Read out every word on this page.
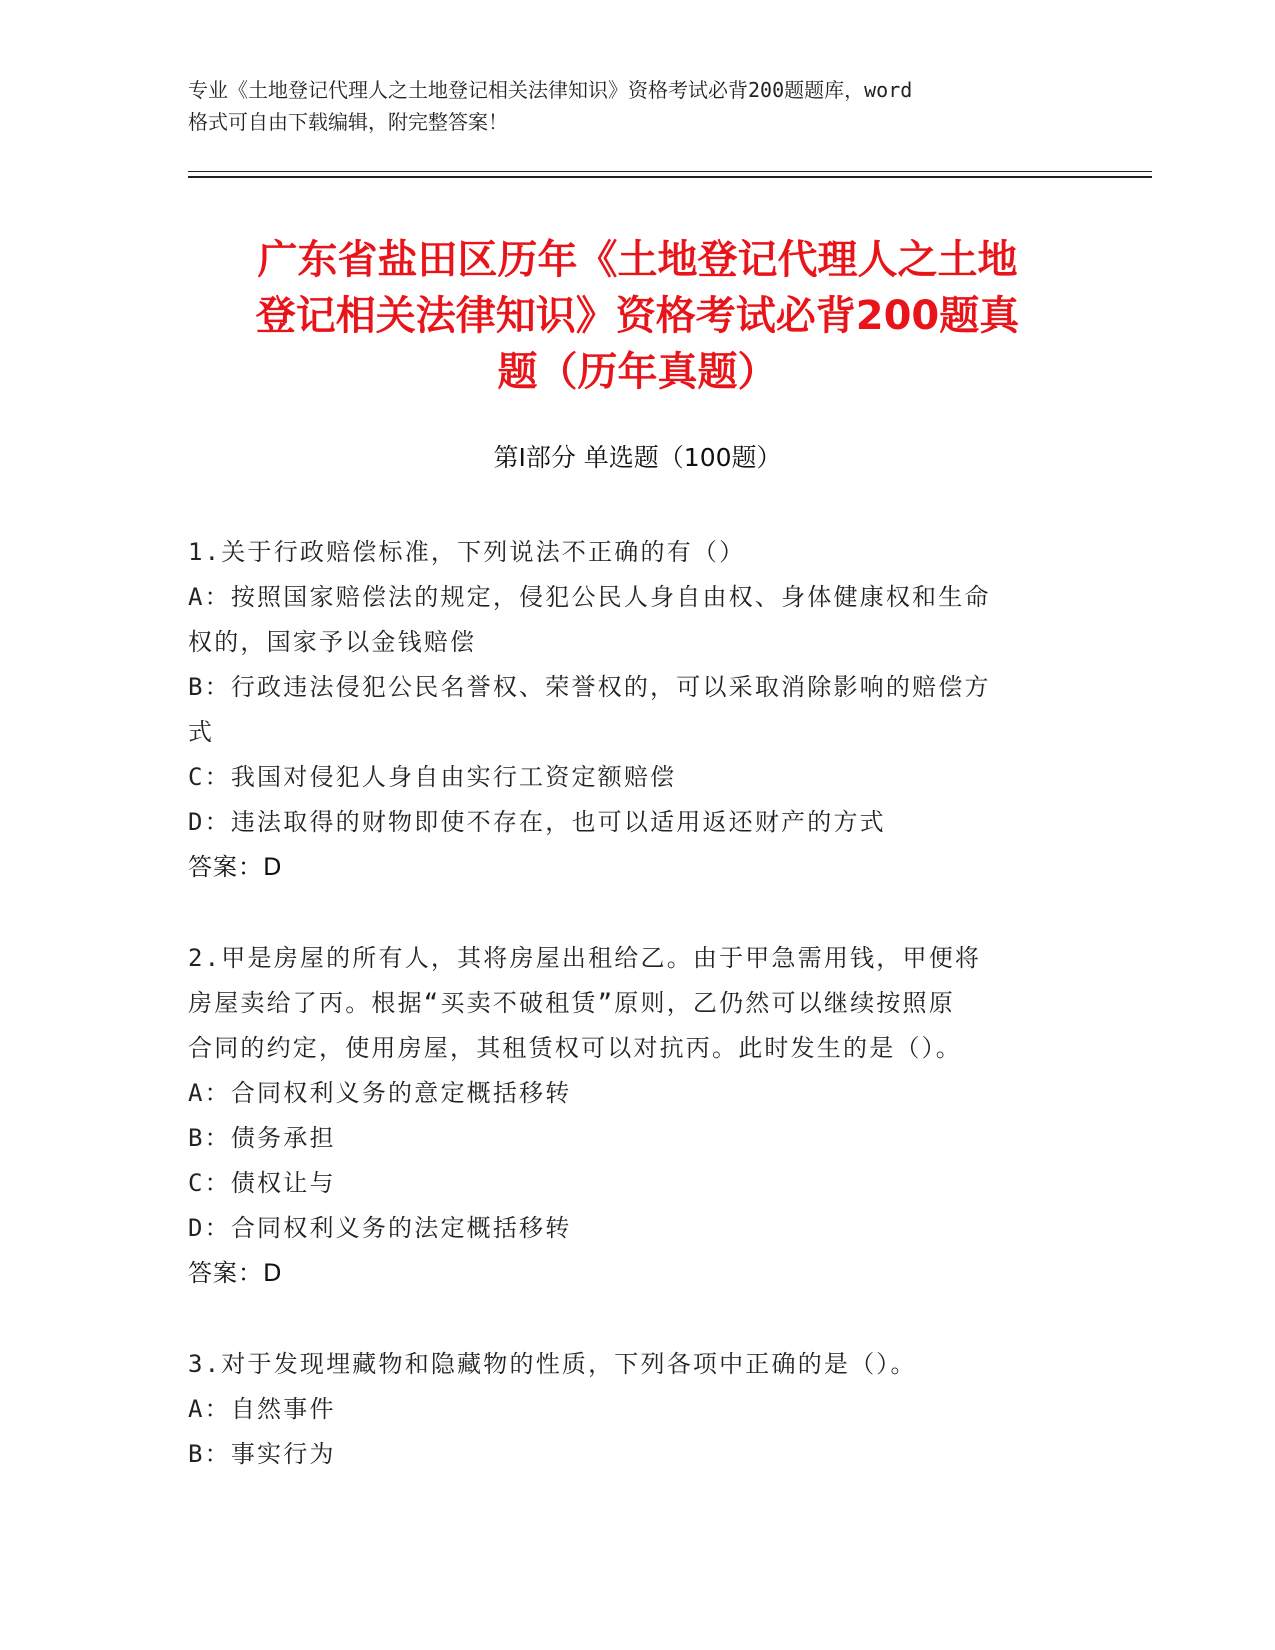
专业《土地登记代理人之土地登记相关法律知识》资格考试必背200题题库，word
格式可自由下载编辑，附完整答案！
广东省盐田区历年《土地登记代理人之土地
登记相关法律知识》资格考试必背200题真
题（历年真题）
第Ⅰ部分 单选题（100题）
1.关于行政赔偿标准，下列说法不正确的有（）
A：按照国家赔偿法的规定，侵犯公民人身自由权、身体健康权和生命
权的，国家予以金钱赔偿
B：行政违法侵犯公民名誉权、荣誉权的，可以采取消除影响的赔偿方
式
C：我国对侵犯人身自由实行工资定额赔偿
D：违法取得的财物即使不存在，也可以适用返还财产的方式
答案：D
2.甲是房屋的所有人，其将房屋出租给乙。由于甲急需用钱，甲便将
房屋卖给了丙。根据“买卖不破租赁”原则，乙仍然可以继续按照原
合同的约定，使用房屋，其租赁权可以对抗丙。此时发生的是（）。
A：合同权利义务的意定概括移转
B：债务承担
C：债权让与
D：合同权利义务的法定概括移转
答案：D
3.对于发现埋藏物和隐藏物的性质，下列各项中正确的是（）。
A：自然事件
B：事实行为
